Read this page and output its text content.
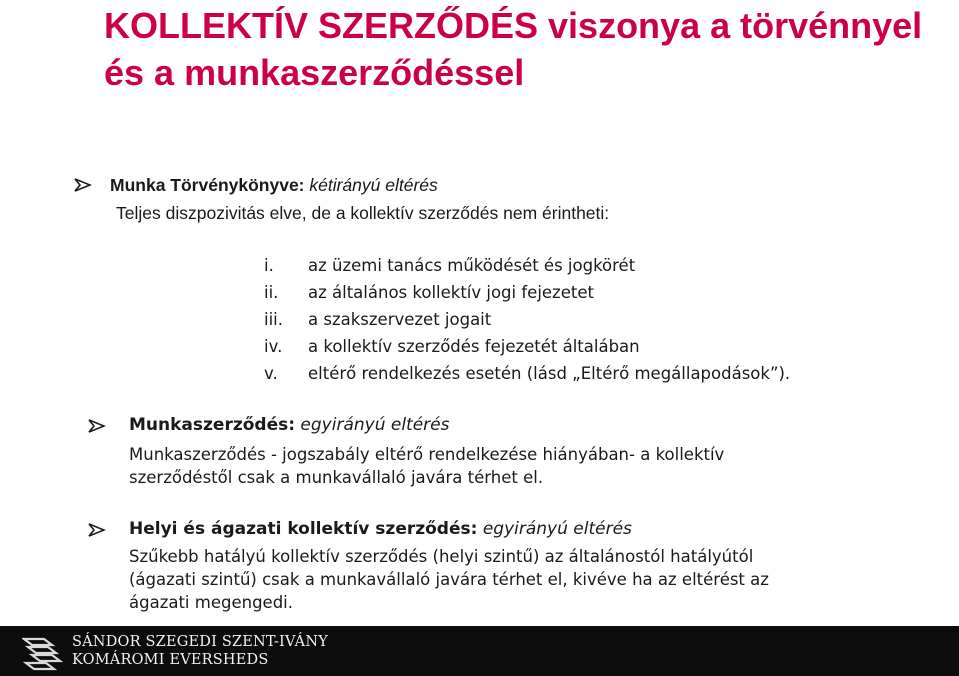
KOLLEKTÍV SZERZŐDÉS viszonya a törvénnyel és a munkaszerződéssel

Munka Törvénykönyve: kétirányú eltérés

Teljes diszpozivitás elve, de a kollektív szerződés nem érintheti:

i. az üzemi tanács működését és jogkörét
ii. az általános kollektív jogi fejezetet
iii. a szakszervezet jogait
iv. a kollektív szerződés fejezetét általában
v. eltérő rendelkezés esetén (lásd „Eltérő megállapodások”).

Munkaszerződés: egyirányú eltérés

Munkaszerződés - jogszabály eltérő rendelkezése hiányában- a kollektív

szerződéstől csak a munkavállaló javára térhet el.

Helyi és ágazati kollektív szerződés: egyirányú eltérés

Szűkebb hatályú kollektív szerződés (helyi szintű) az általánostól hatályútól

(ágazati szintű) csak a munkavállaló javára térhet el, kivéve ha az eltérést az

ágazati megengedi.

SÁNDOR SZEGEDI SZENT-IVÁNY
KOMÁROMI EVERSHEDS
